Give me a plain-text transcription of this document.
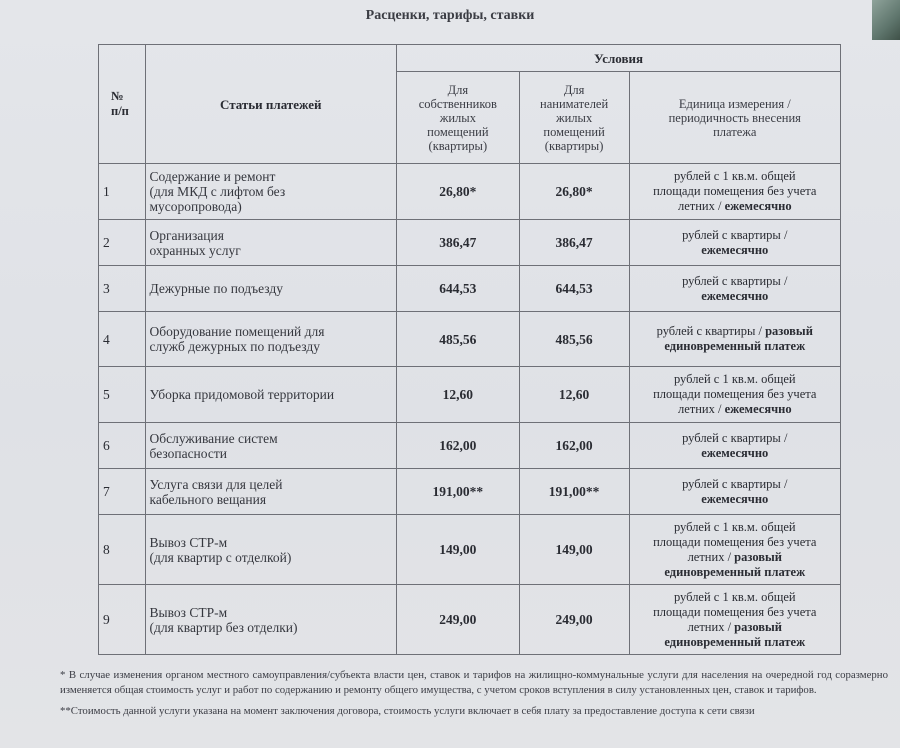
Расценки, тарифы, ставки
№
п/п	Статьи платежей	Условия		
		Для
собственников
жилых
помещений
(квартиры)	Для
нанимателей
жилых
помещений
(квартиры)	Единица измерения /
периодичность внесения
платежа
1	Содержание и ремонт
(для МКД с лифтом без
мусоропровода)	26,80*	26,80*	рублей с 1 кв.м. общей
площади помещения без учета
летних / ежемесячно
2	Организация
охранных услуг	386,47	386,47	рублей с квартиры /
ежемесячно
3	Дежурные по подъезду	644,53	644,53	рублей с квартиры /
ежемесячно
4	Оборудование помещений для
служб дежурных по подъезду	485,56	485,56	рублей с квартиры / разовый
единовременный платеж
5	Уборка придомовой территории	12,60	12,60	рублей с 1 кв.м. общей
площади помещения без учета
летних / ежемесячно
6	Обслуживание систем
безопасности	162,00	162,00	рублей с квартиры /
ежемесячно
7	Услуга связи для целей
кабельного вещания	191,00**	191,00**	рублей с квартиры /
ежемесячно
8	Вывоз СТР-м
(для квартир с отделкой)	149,00	149,00	рублей с 1 кв.м. общей
площади помещения без учета
летних / разовый
единовременный платеж
9	Вывоз СТР-м
(для квартир без отделки)	249,00	249,00	рублей с 1 кв.м. общей
площади помещения без учета
летних / разовый
единовременный платеж

* В случае изменения органом местного самоуправления/субъекта власти цен, ставок и тарифов на жилищно-коммунальные услуги для населения на очередной год соразмерно изменяется общая стоимость услуг и работ по содержанию и ремонту общего имущества, с учетом сроков вступления в силу установленных цен, ставок и тарифов.

**Стоимость данной услуги указана на момент заключения договора, стоимость услуги включает в себя плату за предоставление доступа к сети связи
